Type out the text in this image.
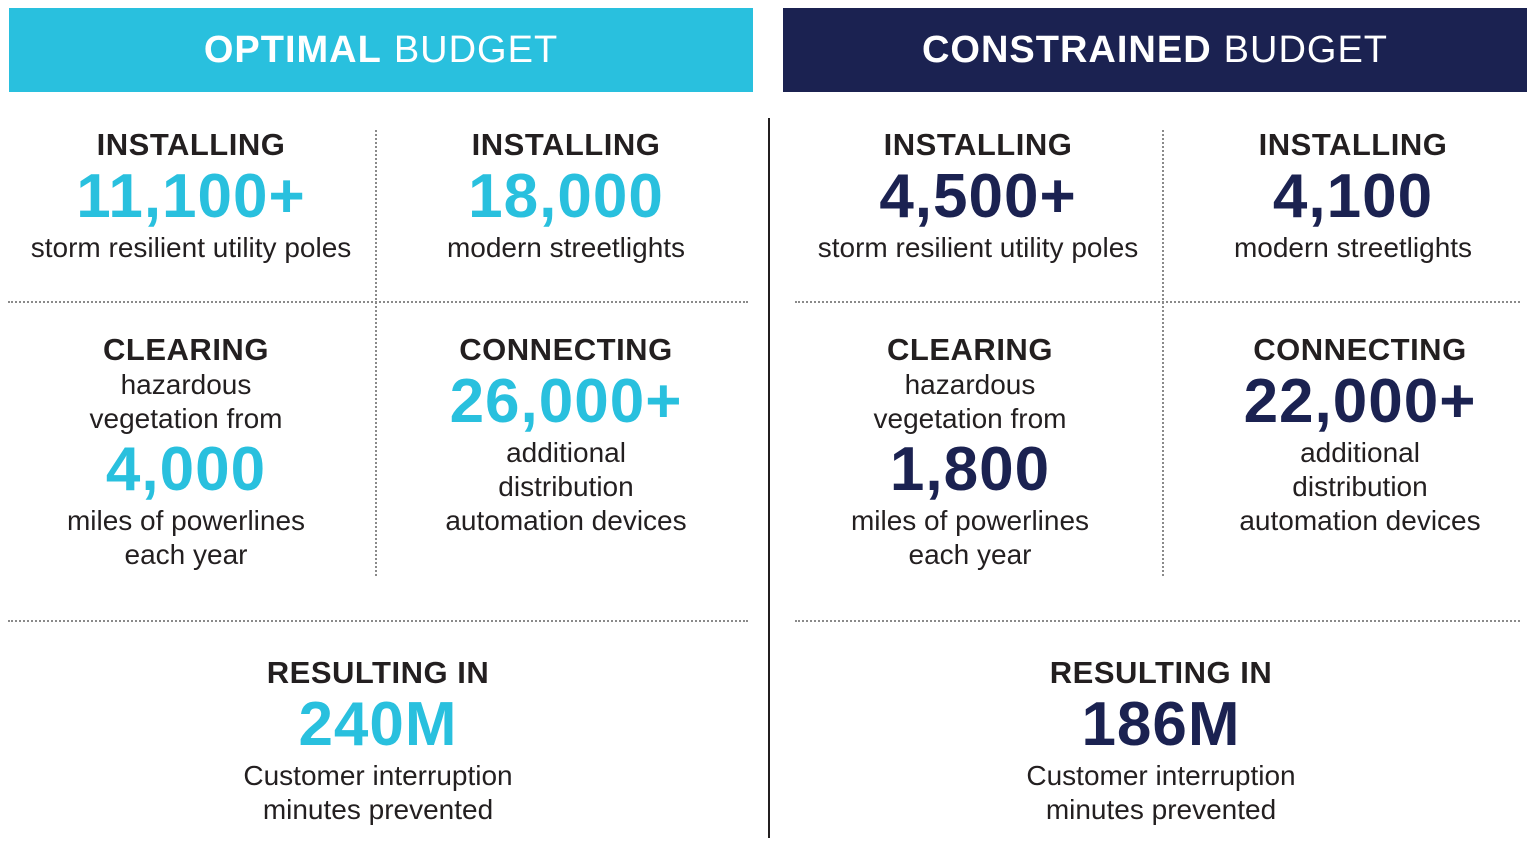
OPTIMAL BUDGET	CONSTRAINED BUDGET
INSTALLING
11,100+
storm resilient utility poles
INSTALLING
18,000
modern streetlights
CLEARING
hazardous
vegetation from
4,000
miles of powerlines
each year
CONNECTING
26,000+
additional
distribution
automation devices
RESULTING IN
240M
Customer interruption
minutes prevented
INSTALLING
4,500+
storm resilient utility poles
INSTALLING
4,100
modern streetlights
CLEARING
hazardous
vegetation from
1,800
miles of powerlines
each year
CONNECTING
22,000+
additional
distribution
automation devices
RESULTING IN
186M
Customer interruption
minutes prevented
